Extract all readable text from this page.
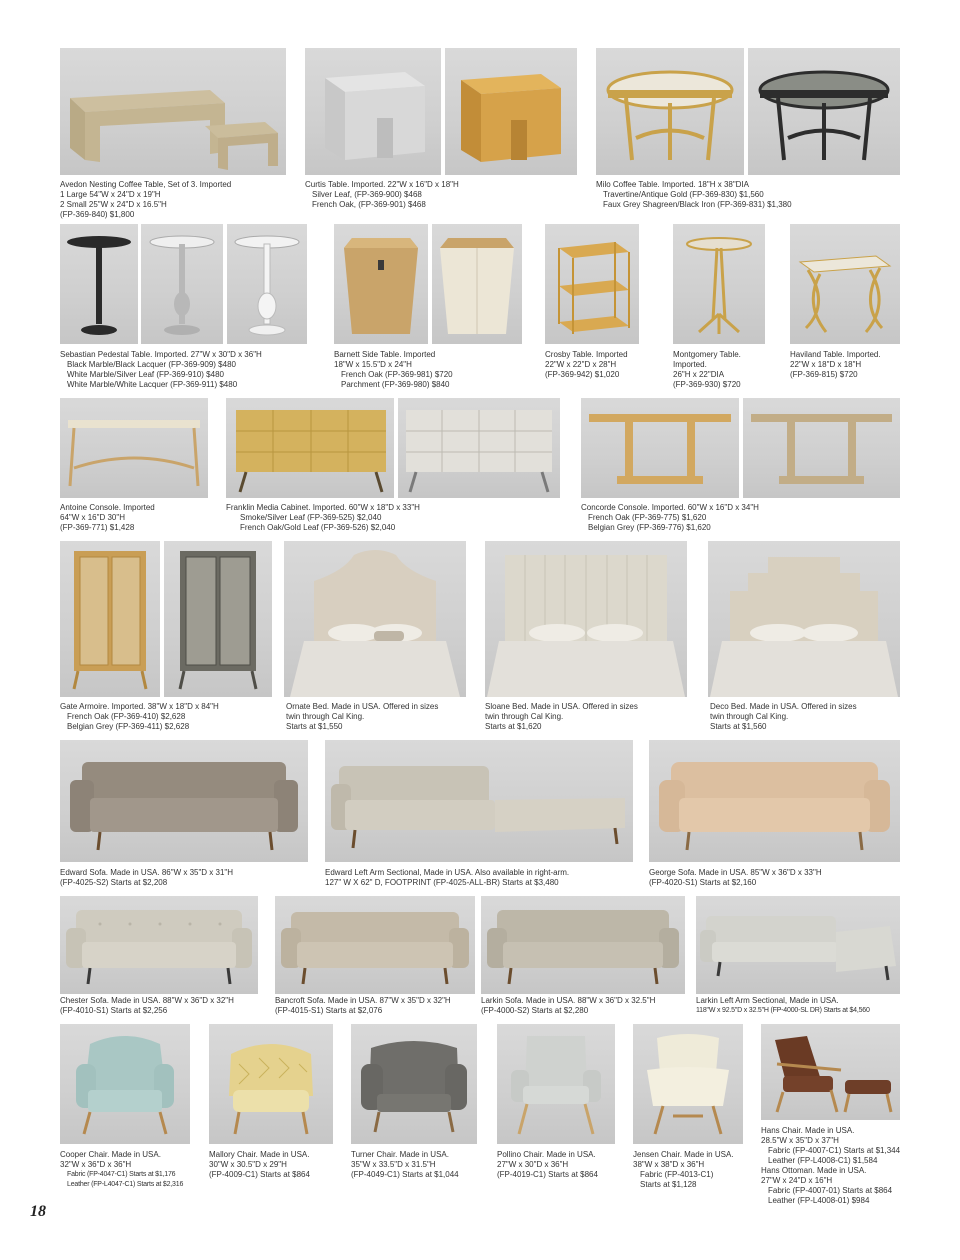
Avedon Nesting Coffee Table, Set of 3. Imported
1 Large 54"W x 24"D x 19"H
2 Small 25"W x 24"D x 16.5"H
(FP-369-840) $1,800
Curtis Table. Imported. 22"W x 16"D x 18"H
Silver Leaf, (FP-369-900) $468
French Oak, (FP-369-901) $468
Milo Coffee Table. Imported. 18"H x 38"DIA
Travertine/Antique Gold (FP-369-830) $1,560
Faux Grey Shagreen/Black Iron (FP-369-831) $1,380
Sebastian Pedestal Table. Imported. 27"W x 30"D x 36"H
Black Marble/Black Lacquer (FP-369-909) $480
White Marble/Silver Leaf (FP-369-910) $480
White Marble/White Lacquer (FP-369-911) $480
Barnett Side Table. Imported
18"W x 15.5"D x 24"H
French Oak (FP-369-981) $720
Parchment (FP-369-980) $840
Crosby Table. Imported
22"W x 22"D x 28"H
(FP-369-942) $1,020
Montgomery Table.
Imported.
26"H x 22"DIA
(FP-369-930) $720
Haviland Table. Imported.
22"W x 18"D x 18"H
(FP-369-815) $720
Antoine Console. Imported
64"W x 16"D 30"H
(FP-369-771) $1,428
Franklin Media Cabinet. Imported. 60"W x 18"D x 33"H
Smoke/Silver Leaf (FP-369-525) $2,040
French Oak/Gold Leaf (FP-369-526) $2,040
Concorde Console. Imported. 60"W x 16"D x 34"H
French Oak (FP-369-775) $1,620
Belgian Grey (FP-369-776) $1,620
Gate Armoire. Imported. 38"W x 18"D x 84"H
French Oak (FP-369-410) $2,628
Belgian Grey (FP-369-411) $2,628
Ornate Bed. Made in USA. Offered in sizes
twin through Cal King.
Starts at $1,550
Sloane Bed. Made in USA. Offered in sizes
twin through Cal King.
Starts at $1,620
Deco Bed. Made in USA. Offered in sizes
twin through Cal King.
Starts at $1,560
Edward Sofa. Made in USA. 86"W x 35"D x 31"H
(FP-4025-S2) Starts at $2,208
Edward Left Arm Sectional, Made in USA. Also available in right-arm.
127" W X 62" D, FOOTPRINT (FP-4025-ALL-BR) Starts at $3,480
George Sofa. Made in USA. 85"W x 36"D x 33"H
(FP-4020-S1) Starts at $2,160
Chester Sofa. Made in USA. 88"W x 36"D x 32"H
(FP-4010-S1) Starts at $2,256
Bancroft Sofa. Made in USA. 87"W x 35"D x 32"H
(FP-4015-S1) Starts at $2,076
Larkin Sofa. Made in USA. 88"W x 36"D x 32.5"H
(FP-4000-S2) Starts at $2,280
Larkin Left Arm Sectional, Made in USA.
118"W x 92.5"D x 32.5"H (FP-4000-SL DR) Starts at $4,560
Cooper Chair. Made in USA.
32"W x 36"D x 36"H
Fabric (FP-4047-C1) Starts at $1,176
Leather (FP-L4047-C1) Starts at $2,316
Mallory Chair. Made in USA.
30"W x 30.5"D x 29"H
(FP-4009-C1) Starts at $864
Turner Chair. Made in USA.
35"W x 33.5"D x 31.5"H
(FP-4049-C1) Starts at $1,044
Pollino Chair. Made in USA.
27"W x 30"D x 36"H
(FP-4019-C1) Starts at $864
Jensen Chair. Made in USA.
38"W x 38"D x 36"H
Fabric (FP-4013-C1)
Starts at $1,128
Hans Chair. Made in USA.
28.5"W x 35"D x 37"H
Fabric (FP-4007-C1) Starts at $1,344
Leather (FP-L4008-C1) $1,584
Hans Ottoman. Made in USA.
27"W x 24"D x 16"H
Fabric (FP-4007-01) Starts at $864
Leather (FP-L4008-01) $984
18
